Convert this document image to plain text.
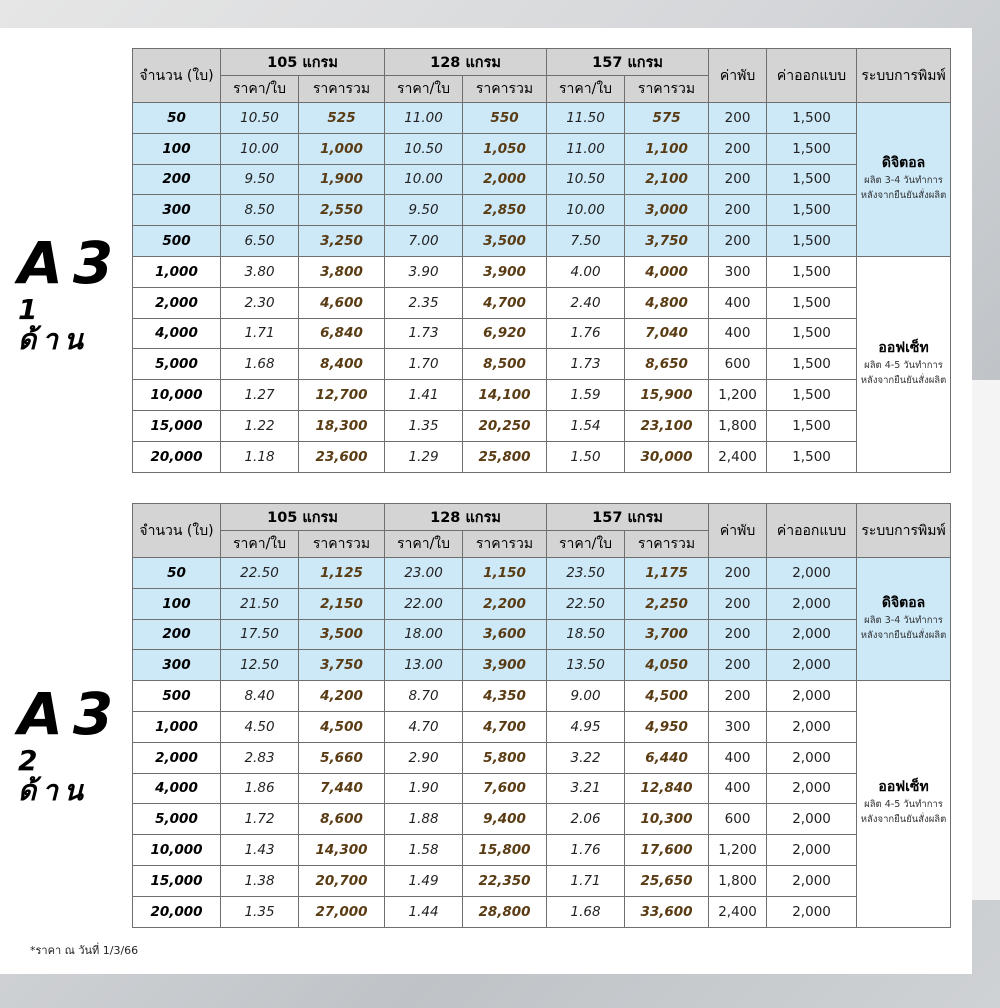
A3
1 ด้าน
A3
2 ด้าน
จำนวน (ใบ)	105 แกรม		128 แกรม		157 แกรม		ค่าพับ	ค่าออกแบบ	ระบบการพิมพ์
	ราคา/ใบ	ราคารวม	ราคา/ใบ	ราคารวม	ราคา/ใบ	ราคารวม			
50	10.50	525	11.00	550	11.50	575	200	1,500	ดิจิตอล
ผลิต 3-4 วันทำการ
หลังจากยืนยันสั่งผลิต

100	10.00	1,000	10.50	1,050	11.00	1,100	200	1,500	
200	9.50	1,900	10.00	2,000	10.50	2,100	200	1,500	
300	8.50	2,550	9.50	2,850	10.00	3,000	200	1,500	
500	6.50	3,250	7.00	3,500	7.50	3,750	200	1,500	
1,000	3.80	3,800	3.90	3,900	4.00	4,000	300	1,500	ออฟเซ็ท
ผลิต 4-5 วันทำการ
หลังจากยืนยันสั่งผลิต

2,000	2.30	4,600	2.35	4,700	2.40	4,800	400	1,500	
4,000	1.71	6,840	1.73	6,920	1.76	7,040	400	1,500	
5,000	1.68	8,400	1.70	8,500	1.73	8,650	600	1,500	
10,000	1.27	12,700	1.41	14,100	1.59	15,900	1,200	1,500	
15,000	1.22	18,300	1.35	20,250	1.54	23,100	1,800	1,500	
20,000	1.18	23,600	1.29	25,800	1.50	30,000	2,400	1,500	
จำนวน (ใบ)	105 แกรม		128 แกรม		157 แกรม		ค่าพับ	ค่าออกแบบ	ระบบการพิมพ์
	ราคา/ใบ	ราคารวม	ราคา/ใบ	ราคารวม	ราคา/ใบ	ราคารวม			
50	22.50	1,125	23.00	1,150	23.50	1,175	200	2,000	ดิจิตอล
ผลิต 3-4 วันทำการ
หลังจากยืนยันสั่งผลิต

100	21.50	2,150	22.00	2,200	22.50	2,250	200	2,000	
200	17.50	3,500	18.00	3,600	18.50	3,700	200	2,000	
300	12.50	3,750	13.00	3,900	13.50	4,050	200	2,000	
500	8.40	4,200	8.70	4,350	9.00	4,500	200	2,000	ออฟเซ็ท
ผลิต 4-5 วันทำการ
หลังจากยืนยันสั่งผลิต

1,000	4.50	4,500	4.70	4,700	4.95	4,950	300	2,000	
2,000	2.83	5,660	2.90	5,800	3.22	6,440	400	2,000	
4,000	1.86	7,440	1.90	7,600	3.21	12,840	400	2,000	
5,000	1.72	8,600	1.88	9,400	2.06	10,300	600	2,000	
10,000	1.43	14,300	1.58	15,800	1.76	17,600	1,200	2,000	
15,000	1.38	20,700	1.49	22,350	1.71	25,650	1,800	2,000	
20,000	1.35	27,000	1.44	28,800	1.68	33,600	2,400	2,000	
*ราคา ณ วันที่ 1/3/66
